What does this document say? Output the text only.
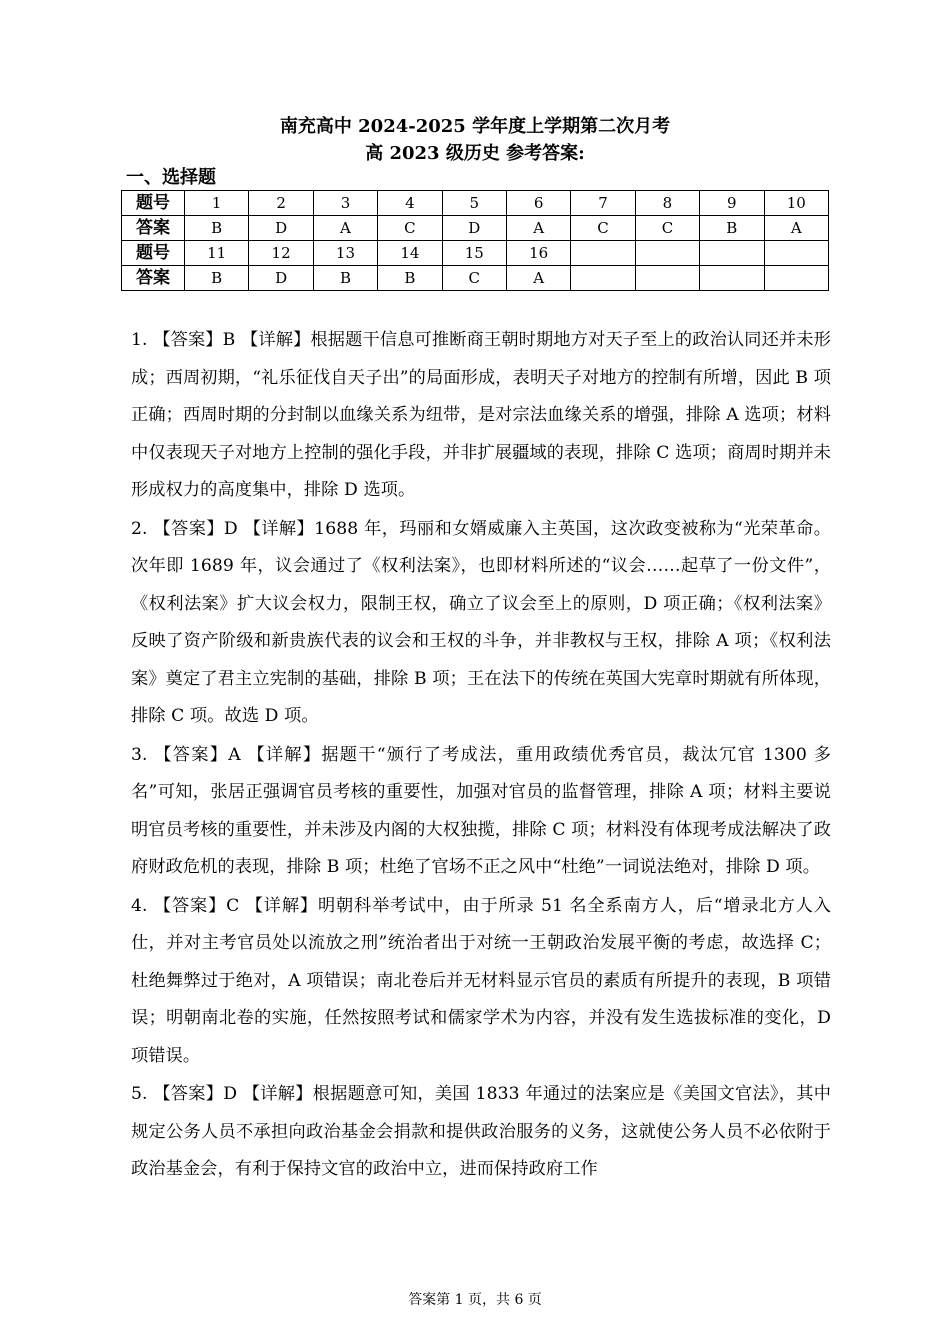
南充高中 2024-2025 学年度上学期第二次月考
高 2023 级历史 参考答案:
一、选择题
题号	1	2	3	4	5	6	7	8	9	10
答案	B	D	A	C	D	A	C	C	B	A
题号	11	12	13	14	15	16				
答案	B	D	B	B	C	A				

1. 【答案】B 【详解】根据题干信息可推断商王朝时期地方对天子至上的政治认同还并未形成；西周初期，“礼乐征伐自天子出”的局面形成，表明天子对地方的控制有所增，因此 B 项正确；西周时期的分封制以血缘关系为纽带，是对宗法血缘关系的增强，排除 A 选项；材料中仅表现天子对地方上控制的强化手段，并非扩展疆域的表现，排除 C 选项；商周时期并未形成权力的高度集中，排除 D 选项。

2. 【答案】D 【详解】1688 年，玛丽和女婿威廉入主英国，这次政变被称为“光荣革命。次年即 1689 年，议会通过了《权利法案》，也即材料所述的“议会……起草了一份文件”，《权利法案》扩大议会权力，限制王权，确立了议会至上的原则，D 项正确；《权利法案》反映了资产阶级和新贵族代表的议会和王权的斗争，并非教权与王权，排除 A 项；《权利法案》奠定了君主立宪制的基础，排除 B 项；王在法下的传统在英国大宪章时期就有所体现，排除 C 项。故选 D 项。

3. 【答案】A 【详解】据题干“颁行了考成法，重用政绩优秀官员，裁汰冗官 1300 多名”可知，张居正强调官员考核的重要性，加强对官员的监督管理，排除 A 项；材料主要说明官员考核的重要性，并未涉及内阁的大权独揽，排除 C 项；材料没有体现考成法解决了政府财政危机的表现，排除 B 项；杜绝了官场不正之风中“杜绝”一词说法绝对，排除 D 项。

4. 【答案】C 【详解】明朝科举考试中，由于所录 51 名全系南方人，后“增录北方人入仕，并对主考官员处以流放之刑”统治者出于对统一王朝政治发展平衡的考虑，故选择 C；杜绝舞弊过于绝对，A 项错误；南北卷后并无材料显示官员的素质有所提升的表现，B 项错误；明朝南北卷的实施，任然按照考试和儒家学术为内容，并没有发生选拔标准的变化，D 项错误。

5. 【答案】D 【详解】根据题意可知，美国 1833 年通过的法案应是《美国文官法》，其中规定公务人员不承担向政治基金会捐款和提供政治服务的义务，这就使公务人员不必依附于政治基金会，有利于保持文官的政治中立，进而保持政府工作

答案第 1 页，共 6 页
